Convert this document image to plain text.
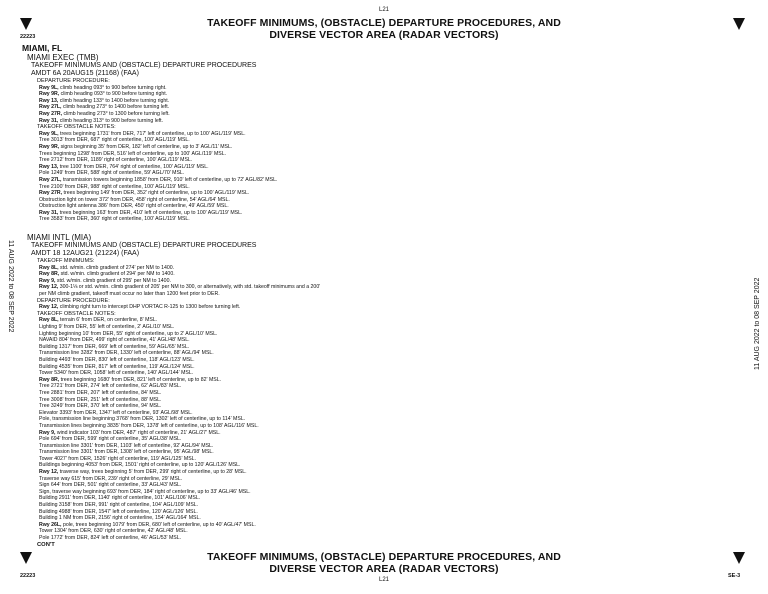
L21
TAKEOFF MINIMUMS, (OBSTACLE) DEPARTURE PROCEDURES, AND
DIVERSE VECTOR AREA (RADAR VECTORS)
22223
11 AUG 2022 to 08 SEP 2022	11 AUG 2022 to 08 SEP 2022
MIAMI, FL
MIAMI EXEC (TMB)
TAKEOFF MINIMUMS AND (OBSTACLE) DEPARTURE PROCEDURES
AMDT 6A 20AUG15 (21168) (FAA)
DEPARTURE PROCEDURE:
Rwy 9L, climb heading 093° to 900 before turning right.
Rwy 9R, climb heading 093° to 900 before turning right.
Rwy 13, climb heading 133° to 1400 before turning right.
Rwy 27L, climb heading 273° to 1400 before turning left.
Rwy 27R, climb heading 273° to 1300 before turning left.
Rwy 31, climb heading 313° to 900 before turning left.
TAKEOFF OBSTACLE NOTES:
Rwy 9L, trees beginning 1731' from DER, 717' left of centerline, up to 100' AGL/119' MSL.
Tree 3013' from DER, 687' right of centerline, 100' AGL/119' MSL.
Rwy 9R, signs beginning 35' from DER, 182' left of centerline, up to 3' AGL/11' MSL.
Trees beginning 1298' from DER, 516' left of centerline, up to 100' AGL/119' MSL.
Tree 2712' from DER, 1189' right of centerline, 100' AGL/119' MSL.
Rwy 13, tree 1100' from DER, 764' right of centerline, 100' AGL/119' MSL.
Pole 1249' from DER, 588' right of centerline, 59' AGL/70' MSL.
Rwy 27L, transmission towers beginning 1858' from DER, 910' left of centerline, up to 72' AGL/82' MSL.
Tree 2100' from DER, 988' right of centerline, 100' AGL/119' MSL.
Rwy 27R, trees beginning 149' from DER, 352' right of centerline, up to 100' AGL/119' MSL.
Obstruction light on tower 372' from DER, 458' right of centerline, 54' AGL/64' MSL.
Obstruction light antenna 386' from DER, 450' right of centerline, 49' AGL/59' MSL.
Rwy 31, trees beginning 163' from DER, 410' left of centerline, up to 100' AGL/119' MSL.
Tree 3583' from DER, 360' right of centerline, 100' AGL/119' MSL.
MIAMI INTL (MIA)
TAKEOFF MINIMUMS AND (OBSTACLE) DEPARTURE PROCEDURES
AMDT 18 12AUG21 (21224) (FAA)
TAKEOFF MINIMUMS:
Rwy 8L, std. w/min. climb gradient of 274' per NM to 1400.
Rwy 8R, std. w/min. climb gradient of 294' per NM to 1400.
Rwy 9, std. w/min. climb gradient of 295' per NM to 1400.
Rwy 12, 300-1⅛ or std. w/min. climb gradient of 205' per NM to 300, or alternatively, with std. takeoff minimums and a 200'
per NM climb gradient, takeoff must occur no later than 1200 feet prior to DER.
DEPARTURE PROCEDURE:
Rwy 12, climbing right turn to intercept DHP VORTAC R-125 to 1300 before turning left.
TAKEOFF OBSTACLE NOTES:
Rwy 8L, terrain 6' from DER, on centerline, 8' MSL.
Lighting 9' from DER, 55' left of centerline, 2' AGL/10' MSL.
Lighting beginning 10' from DER, 55' right of centerline, up to 2' AGL/10' MSL.
NAVAID 804' from DER, 499' right of centerline, 41' AGL/48' MSL.
Building 1317' from DER, 669' left of centerline, 59' AGL/65' MSL.
Transmission line 3282' from DER, 1330' left of centerline, 88' AGL/94' MSL.
Building 4493' from DER, 830' left of centerline, 118' AGL/123' MSL.
Building 4535' from DER, 817' left of centerline, 119' AGL/124' MSL.
Tower 5340' from DER, 1058' left of centerline, 140' AGL/144' MSL.
Rwy 8R, trees beginning 1680' from DER, 821' left of centerline, up to 82' MSL.
Tree 2721' from DER, 274' left of centerline, 62' AGL/83' MSL.
Tree 2881' from DER, 207' left of centerline, 84' MSL.
Tree 3008' from DER, 251' left of centerline, 88' MSL.
Tree 3249' from DER, 370' left of centerline, 94' MSL.
Elevator 3393' from DER, 1347' left of centerline, 93' AGL/98' MSL.
Pole, transmission line beginning 3768' from DER, 1302' left of centerline, up to 114' MSL.
Transmission lines beginning 3835' from DER, 1378' left of centerline, up to 108' AGL/116' MSL.
Rwy 9, wind indicator 103' from DER, 487' right of centerline, 21' AGL/27' MSL.
Pole 694' from DER, 599' right of centerline, 35' AGL/38' MSL.
Transmission line 3301' from DER, 1103' left of centerline, 92' AGL/94' MSL.
Transmission line 3301' from DER, 1308' left of centerline, 95' AGL/98' MSL.
Tower 4027' from DER, 1526' right of centerline, 119' AGL/125' MSL.
Buildings beginning 4053' from DER, 1501' right of centerline, up to 120' AGL/126' MSL.
Rwy 12, traverse way, trees beginning 5' from DER, 299' right of centerline, up to 28' MSL.
Traverse way 615' from DER, 239' right of centerline, 29' MSL.
Sign 644' from DER, 501' right of centerline, 33' AGL/43' MSL.
Sign, traverse way beginning 693' from DER, 184' right of centerline, up to 33' AGL/46' MSL.
Building 2911' from DER, 1140' right of centerline, 101' AGL/106' MSL.
Building 3158' from DER, 991' right of centerline, 104' AGL/109' MSL.
Building 4988' from DER, 1547' left of centerline, 120' AGL/126' MSL.
Building 1 NM from DER, 2156' right of centerline, 154' AGL/164' MSL.
Rwy 26L, pole, trees beginning 1079' from DER, 680' left of centerline, up to 40' AGL/47' MSL.
Tower 1304' from DER, 630' right of centerline, 42' AGL/48' MSL.
Pole 1772' from DER, 824' left of centerline, 46' AGL/53' MSL.
CON'T
TAKEOFF MINIMUMS, (OBSTACLE) DEPARTURE PROCEDURES, AND
DIVERSE VECTOR AREA (RADAR VECTORS)
22223	SE-3
L21
